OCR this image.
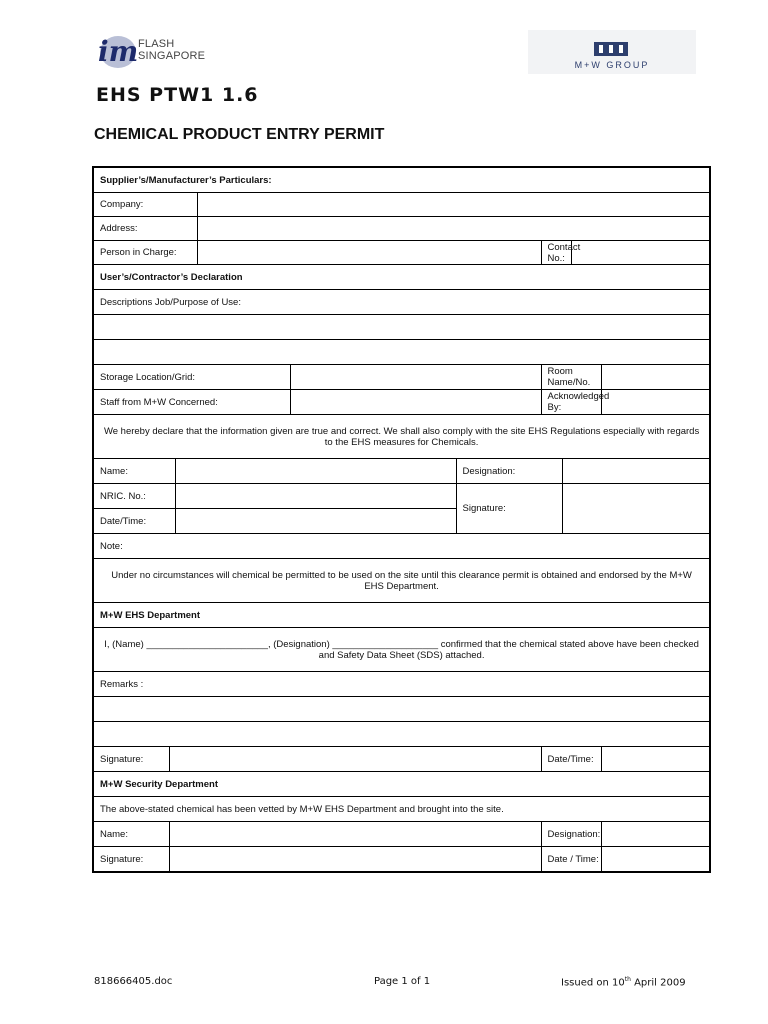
im FLASH
SINGAPORE
M+W GROUP
EHS PTW1 1.6
CHEMICAL PRODUCT ENTRY PERMIT
Supplier’s/Manufacturer’s Particulars:									
Company:									
Address:									
Person in Charge:						Contact No.:			
User’s/Contractor’s Declaration									
Descriptions Job/Purpose of Use:									

Storage Location/Grid:						Room Name/No.			
Staff from M+W Concerned:						Acknowledged By:			
We hereby declare that the information given are true and correct. We shall also comply with the site EHS Regulations especially with regards to the EHS measures for Chemicals.									
Name:					Designation:				
NRIC. No.:					Signature:				
Date/Time:									
Note:									
Under no circumstances will chemical be permitted to be used on the site until this clearance permit is obtained and endorsed by the M+W EHS Department.									
M+W EHS Department									
I, (Name) _______________________, (Designation) ____________________ confirmed that the chemical stated above have been checked and Safety Data Sheet (SDS) attached.									
Remarks :									

Signature:						Date/Time:			
M+W Security Department									
The above-stated chemical has been vetted by M+W EHS Department and brought into the site.									
Name:						Designation:			
Signature:						Date / Time:			
818666405.doc	Page 1 of 1	Issued on 10th April 2009
